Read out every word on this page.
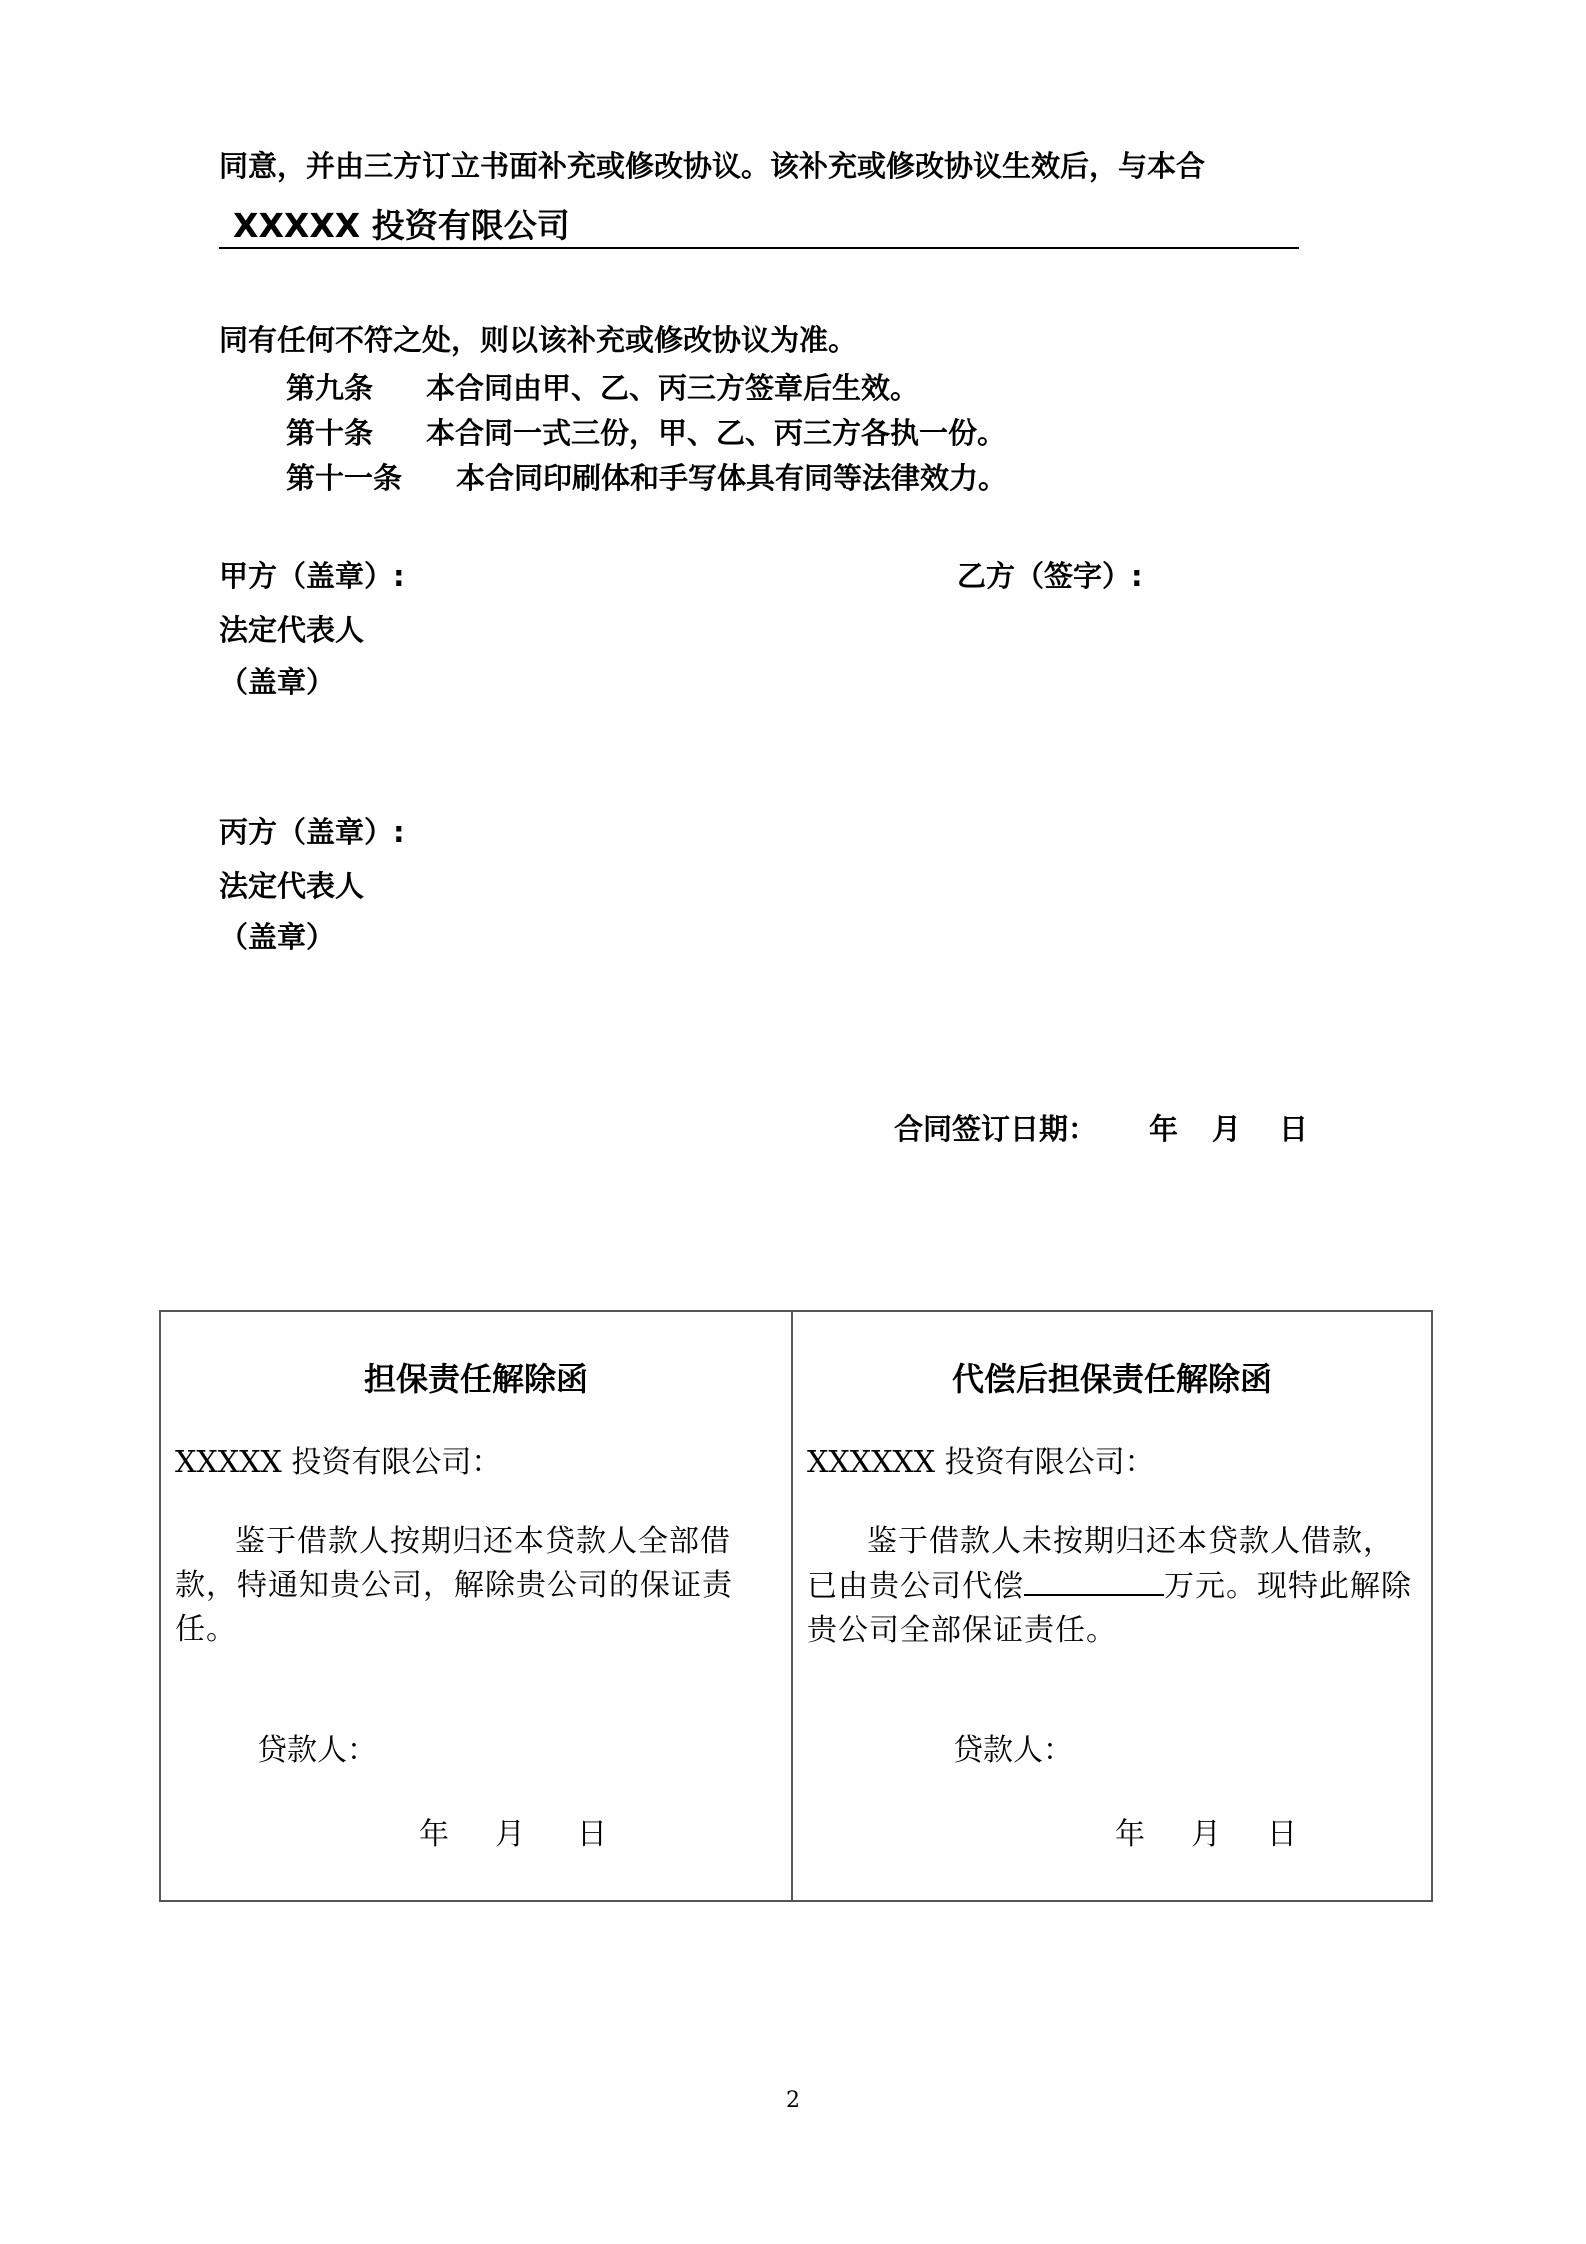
同意，并由三方订立书面补充或修改协议。该补充或修改协议生效后，与本合
XXXXX 投资有限公司
同有任何不符之处，则以该补充或修改协议为准。
第九条 本合同由甲、乙、丙三方签章后生效。
第十条 本合同一式三份，甲、乙、丙三方各执一份。
第十一条 本合同印刷体和手写体具有同等法律效力。
甲方（盖章）:	乙方（签字）:
法定代表人
（盖章）
丙方（盖章）:
法定代表人
（盖章）
合同签订日期： 年 月 日
担保责任解除函
XXXXX 投资有限公司：
鉴于借款人按期归还本贷款人全部借款，特通知贵公司，解除贵公司的保证责任。
贷款人：
年 月 日
代偿后担保责任解除函
XXXXXX 投资有限公司：
鉴于借款人未按期归还本贷款人借款，已由贵公司代偿	万元。现特此解除贵公司全部保证责任。
贷款人：
年 月 日
2
